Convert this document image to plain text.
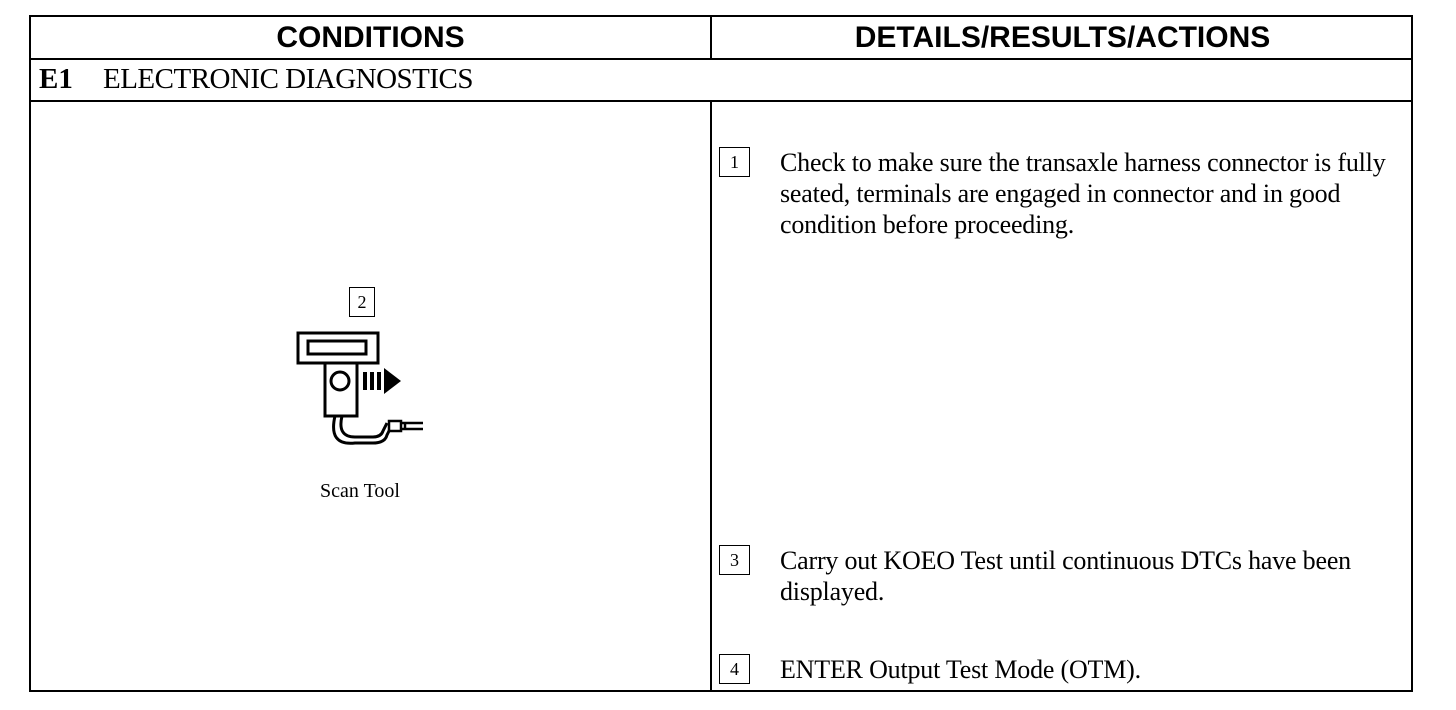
CONDITIONS	DETAILS/RESULTS/ACTIONS
E1	ELECTRONIC DIAGNOSTICS
2
Scan Tool
1	Check to make sure the transaxle harness connector is fully seated, terminals are engaged in connector and in good condition before proceeding.
3	Carry out KOEO Test until continuous DTCs have been displayed.
4	ENTER Output Test Mode (OTM).
